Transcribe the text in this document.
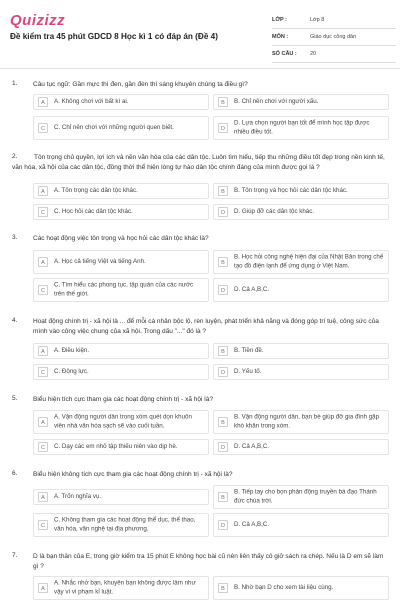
Quizizz
Đề kiểm tra 45 phút GDCD 8 Học kì 1 có đáp án (Đề 4)
LỚP :	Lớp 8
MÔN :	Giáo dục công dân
SỐ CÂU :	20
1. Câu tục ngữ: Gần mực thì đen, gần đèn thì sáng khuyên chúng ta điều gì?
A	A. Không chơi với bất kì ai.	B	B. Chỉ nên chơi với người xấu.
C	C. Chỉ nên chơi với những người quen biết.	D
D. Lựa chọn người bạn tốt để mình học tập được nhiều điều tốt.
2.	Tôn trọng chủ quyền, lợi ích và nền văn hóa của các dân tộc. Luôn tìm hiểu, tiếp thu những điều tốt đẹp trong nền kinh tế, văn hóa, xã hội của các dân tộc, đồng thời thể hiện lòng tự hào dân tộc chính đáng của mình được gọi là ?
A	A. Tôn trọng các dân tộc khác.	B	B. Tôn trọng và học hỏi các dân tộc khác.
C	C. Học hỏi các dân tộc khác.	D	D. Giúp đỡ các dân tộc khác.
3. Các hoạt động việc tôn trọng và học hỏi các dân tộc khác là?
A	A. Học cả tiếng Việt và tiếng Anh.	B
B. Học hỏi công nghệ hiện đại của Nhật Bản trong chế tạo đồ điện lạnh để ứng dụng ở Việt Nam.
C
C. Tìm hiểu các phong tục, tập quán của các nước trên thế giới.	D	D. Cả A,B,C.
4. Hoạt động chính trị - xã hội là ... để mỗi cá nhân bộc lộ, rèn luyện, phát triển khả năng và đóng góp trí tuệ, công sức của mình vào công việc chung của xã hội. Trong dấu "..." đó là ?
A	A. Điều kiện.	B	B. Tiền đề.
C	C. Động lực.	D	D. Yếu tố.
5. Biểu hiện tích cực tham gia các hoạt động chính trị - xã hội là?
A
A. Vận động người dân trong xóm quét dọn khuôn viên nhà văn hóa sạch sẽ vào cuối tuần.	B
B. Vận động người dân, bạn bè giúp đỡ gia đình gặp khó khăn trong xóm.
C	C. Dạy các em nhỏ tập thiếu niên vào dịp hè.	D	D. Cả A,B,C.
6. Biểu hiện không tích cực tham gia các hoạt động chính trị - xã hội là?
A	A. Trốn nghĩa vụ.	B
B. Tiếp tay cho bọn phản động truyền bá đạo Thánh đức chúa trời.
C
C. Không tham gia các hoạt động thể dục, thể thao, văn hóa, văn nghệ tại địa phương.	D	D. Cả A,B,C.
7. D là bạn thân của E, trong giờ kiểm tra 15 phút E không học bài cũ nên liên thấy cô giở sách ra chép. Nếu là D em sẽ làm gì ?
A
A. Nhắc nhở bạn, khuyên bạn không được làm như vậy vì vi phạm kỉ luật.	B	B. Nhờ bạn D cho xem tài liệu cùng.
